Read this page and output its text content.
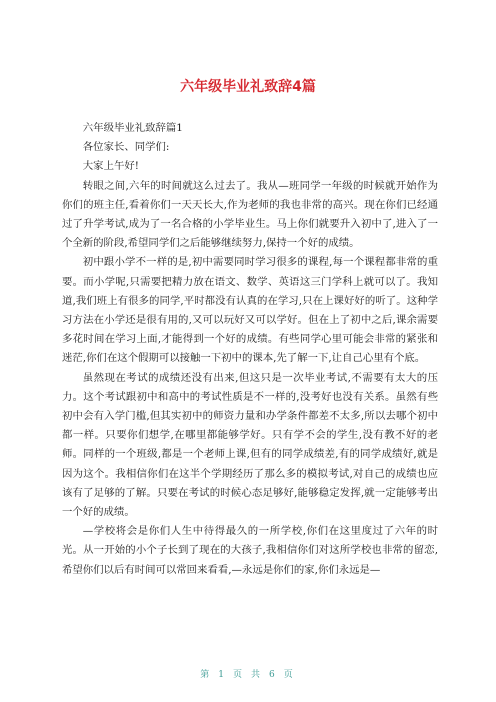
六年级毕业礼致辞4篇

六年级毕业礼致辞篇1

各位家长、同学们:

大家上午好!

转眼之间,六年的时间就这么过去了。我从—班同学一年级的时候就开始作为你们的班主任,看着你们一天天长大,作为老师的我也非常的高兴。现在你们已经通过了升学考试,成为了一名合格的小学毕业生。马上你们就要升入初中了,进入了一个全新的阶段,希望同学们之后能够继续努力,保持一个好的成绩。

初中跟小学不一样的是,初中需要同时学习很多的课程,每一个课程都非常的重要。而小学呢,只需要把精力放在语文、数学、英语这三门学科上就可以了。我知道,我们班上有很多的同学,平时都没有认真的在学习,只在上课好好的听了。这种学习方法在小学还是很有用的,又可以玩好又可以学好。但在上了初中之后,课余需要多花时间在学习上面,才能得到一个好的成绩。有些同学心里可能会非常的紧张和迷茫,你们在这个假期可以接触一下初中的课本,先了解一下,让自己心里有个底。

虽然现在考试的成绩还没有出来,但这只是一次毕业考试,不需要有太大的压力。这个考试跟初中和高中的考试性质是不一样的,没考好也没有关系。虽然有些初中会有入学门槛,但其实初中的师资力量和办学条件都差不太多,所以去哪个初中都一样。只要你们想学,在哪里都能够学好。只有学不会的学生,没有教不好的老师。同样的一个班级,都是一个老师上课,但有的同学成绩差,有的同学成绩好,就是因为这个。我相信你们在这半个学期经历了那么多的模拟考试,对自己的成绩也应该有了足够的了解。只要在考试的时候心态足够好,能够稳定发挥,就一定能够考出一个好的成绩。

—学校将会是你们人生中待得最久的一所学校,你们在这里度过了六年的时光。从一开始的小个子长到了现在的大孩子,我相信你们对这所学校也非常的留恋,希望你们以后有时间可以常回来看看,—永远是你们的家,你们永远是—

第 1 页 共 6 页
